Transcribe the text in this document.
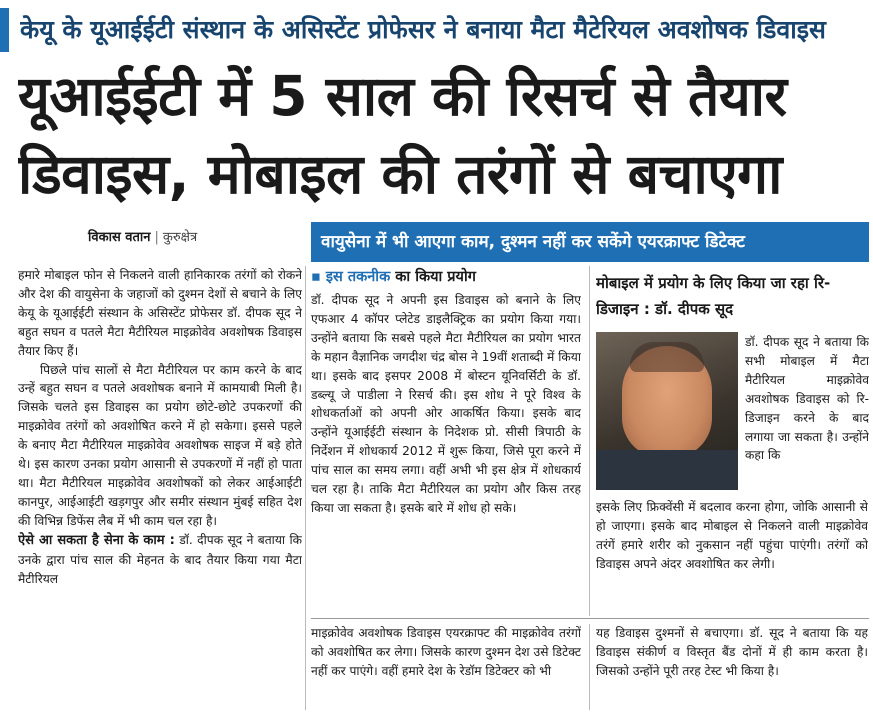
केयू के यूआईईटी संस्थान के असिस्टेंट प्रोफेसर ने बनाया मैटा मैटेरियल अवशोषक डिवाइस
यूआईईटी में 5 साल की रिसर्च से तैयार
डिवाइस, मोबाइल की तरंगों से बचाएगा
विकास वतान | कुरुक्षेत्र	वायुसेना में भी आएगा काम, दुश्मन नहीं कर सकेंगे एयरक्राफ्ट डिटेक्ट

हमारे मोबाइल फोन से निकलने वाली हानिकारक तरंगों को रोकने और देश की वायुसेना के जहाजों को दुश्मन देशों से बचाने के लिए केयू के यूआईईटी संस्थान के असिस्टेंट प्रोफेसर डॉ. दीपक सूद ने बहुत सघन व पतले मैटा मैटीरियल माइक्रोवेव अवशोषक डिवाइस तैयार किए हैं।

पिछले पांच सालों से मैटा मैटीरियल पर काम करने के बाद उन्हें बहुत सघन व पतले अवशोषक बनाने में कामयाबी मिली है। जिसके चलते इस डिवाइस का प्रयोग छोटे-छोटे उपकरणों की माइक्रोवेव तरंगों को अवशोषित करने में हो सकेगा। इससे पहले के बनाए मैटा मैटीरियल माइक्रोवेव अवशोषक साइज में बड़े होते थे। इस कारण उनका प्रयोग आसानी से उपकरणों में नहीं हो पाता था। मैटा मैटीरियल माइक्रोवेव अवशोषकों को लेकर आईआईटी कानपुर, आईआईटी खड़गपुर और समीर संस्थान मुंबई सहित देश की विभिन्न डिफेंस लैब में भी काम चल रहा है।

ऐसे आ सकता है सेना के काम : डॉ. दीपक सूद ने बताया कि उनके द्वारा पांच साल की मेहनत के बाद तैयार किया गया मैटा मैटीरियल

▪ इस तकनीक का किया प्रयोग

डॉ. दीपक सूद ने अपनी इस डिवाइस को बनाने के लिए एफआर 4 कॉपर प्लेटेड डाइलैक्ट्रिक का प्रयोग किया गया। उन्होंने बताया कि सबसे पहले मैटा मैटीरियल का प्रयोग भारत के महान वैज्ञानिक जगदीश चंद्र बोस ने 19वीं शताब्दी में किया था। इसके बाद इसपर 2008 में बोस्टन यूनिवर्सिटी के डॉ. डब्ल्यू जे पाडीला ने रिसर्च की। इस शोध ने पूरे विश्व के शोधकर्ताओं को अपनी ओर आकर्षित किया। इसके बाद उन्होंने यूआईईटी संस्थान के निदेशक प्रो. सीसी त्रिपाठी के निर्देशन में शोधकार्य 2012 में शुरू किया, जिसे पूरा करने में पांच साल का समय लगा। वहीं अभी भी इस क्षेत्र में शोधकार्य चल रहा है। ताकि मैटा मैटीरियल का प्रयोग और किस तरह किया जा सकता है। इसके बारे में शोध हो सके।

मोबाइल में प्रयोग के लिए किया जा रहा रि-डिजाइन : डॉ. दीपक सूद

डॉ. दीपक सूद ने बताया कि सभी मोबाइल में मैटा मैटीरियल माइक्रोवेव अवशोषक डिवाइस को रि-डिजाइन करने के बाद लगाया जा सकता है। उन्होंने कहा कि

इसके लिए फ्रिक्वेंसी में बदलाव करना होगा, जोकि आसानी से हो जाएगा। इसके बाद मोबाइल से निकलने वाली माइक्रोवेव तरंगें हमारे शरीर को नुकसान नहीं पहुंचा पाएंगी। तरंगों को डिवाइस अपने अंदर अवशोषित कर लेगी।

माइक्रोवेव अवशोषक डिवाइस एयरक्राफ्ट की माइक्रोवेव तरंगों को अवशोषित कर लेगा। जिसके कारण दुश्मन देश उसे डिटेक्ट नहीं कर पाएंगे। वहीं हमारे देश के रेडॉम डिटेक्टर को भी

यह डिवाइस दुश्मनों से बचाएगा। डॉ. सूद ने बताया कि यह डिवाइस संकीर्ण व विस्तृत बैंड दोनों में ही काम करता है। जिसको उन्होंने पूरी तरह टेस्ट भी किया है।
